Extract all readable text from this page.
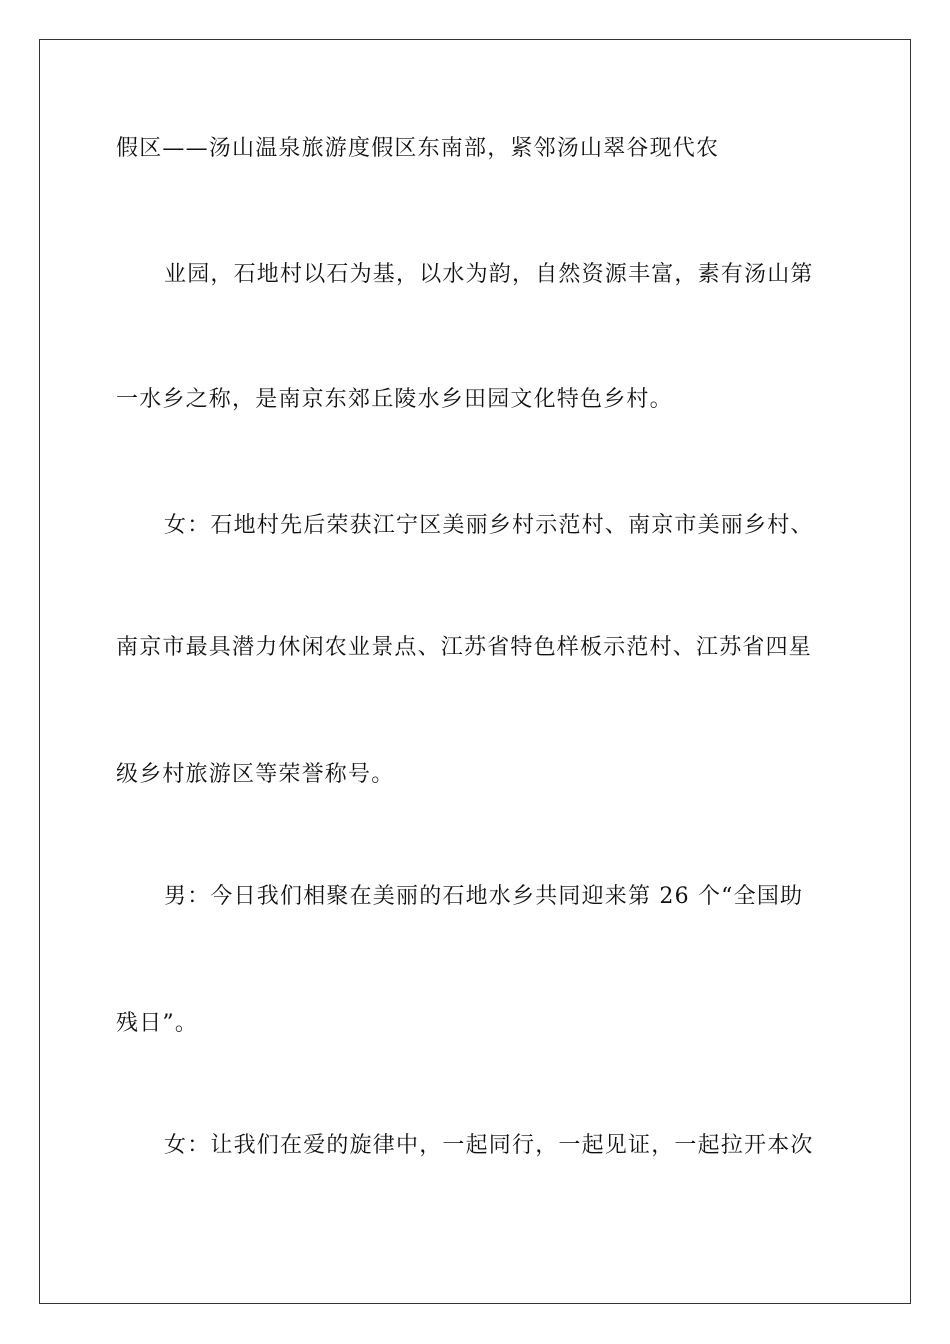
假区——汤山温泉旅游度假区东南部，紧邻汤山翠谷现代农
业园，石地村以石为基，以水为韵，自然资源丰富，素有汤山第
一水乡之称，是南京东郊丘陵水乡田园文化特色乡村。
女：石地村先后荣获江宁区美丽乡村示范村、南京市美丽乡村、
南京市最具潜力休闲农业景点、江苏省特色样板示范村、江苏省四星
级乡村旅游区等荣誉称号。
男：今日我们相聚在美丽的石地水乡共同迎来第 26 个“全国助
残日”。
女：让我们在爱的旋律中，一起同行，一起见证，一起拉开本次
